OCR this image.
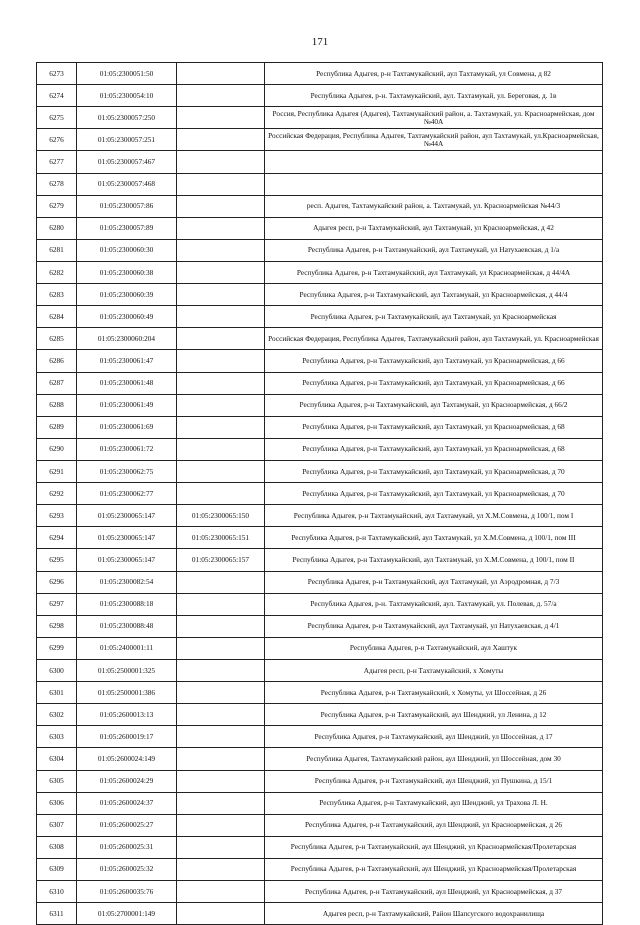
171
6273	01:05:2300051:50		Республика Адыгея, р-н Тахтамукайский, аул Тахтамукай, ул Совмена, д 82
6274	01:05:2300054:10		Республика Адыгея, р-н. Тахтамукайский, аул. Тахтамукай, ул. Береговая, д. 1в
6275	01:05:2300057:250		Россия, Республика Адыгея (Адыгея), Тахтамукайский район, а. Тахтамукай, ул. Красноармейская, дом №40А
6276	01:05:2300057:251		Российская Федерация, Республика Адыгея, Тахтамукайский район, аул Тахтамукай, ул.Красноармейская, №44А
6277	01:05:2300057:467		
6278	01:05:2300057:468		
6279	01:05:2300057:86		респ. Адыгея, Тахтамукайский район, а. Тахтамукай, ул. Красноармейская №44/3
6280	01:05:2300057:89		Адыгея респ, р-н Тахтамукайский, аул Тахтамукай, ул Красноармейская, д 42
6281	01:05:2300060:30		Республика Адыгея, р-н Тахтамукайский, аул Тахтамукай, ул Натухаевская, д 1/а
6282	01:05:2300060:38		Республика Адыгея, р-н Тахтамукайский, аул Тахтамукай, ул Красноармейская, д 44/4А
6283	01:05:2300060:39		Республика Адыгея, р-н Тахтамукайский, аул Тахтамукай, ул Красноармейская, д 44/4
6284	01:05:2300060:49		Республика Адыгея, р-н Тахтамукайский, аул Тахтамукай, ул Красноармейская
6285	01:05:2300060:204		Российская Федерация, Республика Адыгея, Тахтамукайский район, аул Тахтамукай, ул. Красноармейская
6286	01:05:2300061:47		Республика Адыгея, р-н Тахтамукайский, аул Тахтамукай, ул Красноармейская, д 66
6287	01:05:2300061:48		Республика Адыгея, р-н Тахтамукайский, аул Тахтамукай, ул Красноармейская, д 66
6288	01:05:2300061:49		Республика Адыгея, р-н Тахтамукайский, аул Тахтамукай, ул Красноармейская, д 66/2
6289	01:05:2300061:69		Республика Адыгея, р-н Тахтамукайский, аул Тахтамукай, ул Красноармейская, д 68
6290	01:05:2300061:72		Республика Адыгея, р-н Тахтамукайский, аул Тахтамукай, ул Красноармейская, д 68
6291	01:05:2300062:75		Республика Адыгея, р-н Тахтамукайский, аул Тахтамукай, ул Красноармейская, д 70
6292	01:05:2300062:77		Республика Адыгея, р-н Тахтамукайский, аул Тахтамукай, ул Красноармейская, д 70
6293	01:05:2300065:147	01:05:2300065:150	Республика Адыгея, р-н Тахтамукайский, аул Тахтамукай, ул Х.М.Совмена, д 100/1, пом I
6294	01:05:2300065:147	01:05:2300065:151	Республика Адыгея, р-н Тахтамукайский, аул Тахтамукай, ул Х.М.Совмена, д 100/1, пом III
6295	01:05:2300065:147	01:05:2300065:157	Республика Адыгея, р-н Тахтамукайский, аул Тахтамукай, ул Х.М.Совмена, д 100/1, пом II
6296	01:05:2300082:54		Республика Адыгея, р-н Тахтамукайский, аул Тахтамукай, ул Аэродромная, д 7/3
6297	01:05:2300088:18		Республика Адыгея, р-н. Тахтамукайский, аул. Тахтамукай, ул. Полевая, д. 57/а
6298	01:05:2300088:48		Республика Адыгея, р-н Тахтамукайский, аул Тахтамукай, ул Натухаевская, д 4/1
6299	01:05:2400001:11		Республика Адыгея, р-н Тахтамукайский, аул Хаштук
6300	01:05:2500001:325		Адыгея респ, р-н Тахтамукайский, х Хомуты
6301	01:05:2500001:386		Республика Адыгея, р-н Тахтамукайский, х Хомуты, ул Шоссейная, д 26
6302	01:05:2600013:13		Республика Адыгея, р-н Тахтамукайский, аул Шенджий, ул Ленина, д 12
6303	01:05:2600019:17		Республика Адыгея, р-н Тахтамукайский, аул Шенджий, ул Шоссейная, д 17
6304	01:05:2600024:149		Республика Адыгея, Тахтамукайский район, аул Шенджий, ул Шоссейная, дом 30
6305	01:05:2600024:29		Республика Адыгея, р-н Тахтамукайский, аул Шенджий, ул Пушкина, д 15/1
6306	01:05:2600024:37		Республика Адыгея, р-н Тахтамукайский, аул Шенджий, ул Трахова Л. Н.
6307	01:05:2600025:27		Республика Адыгея, р-н Тахтамукайский, аул Шенджий, ул Красноармейская, д 26
6308	01:05:2600025:31		Республика Адыгея, р-н Тахтамукайский, аул Шенджий, ул Красноармейская/Пролетарская
6309	01:05:2600025:32		Республика Адыгея, р-н Тахтамукайский, аул Шенджий, ул Красноармейская/Пролетарская
6310	01:05:2600035:76		Республика Адыгея, р-н Тахтамукайский, аул Шенджий, ул Красноармейская, д 37
6311	01:05:2700001:149		Адыгея респ, р-н Тахтамукайский, Район Шапсугского водохранилища
